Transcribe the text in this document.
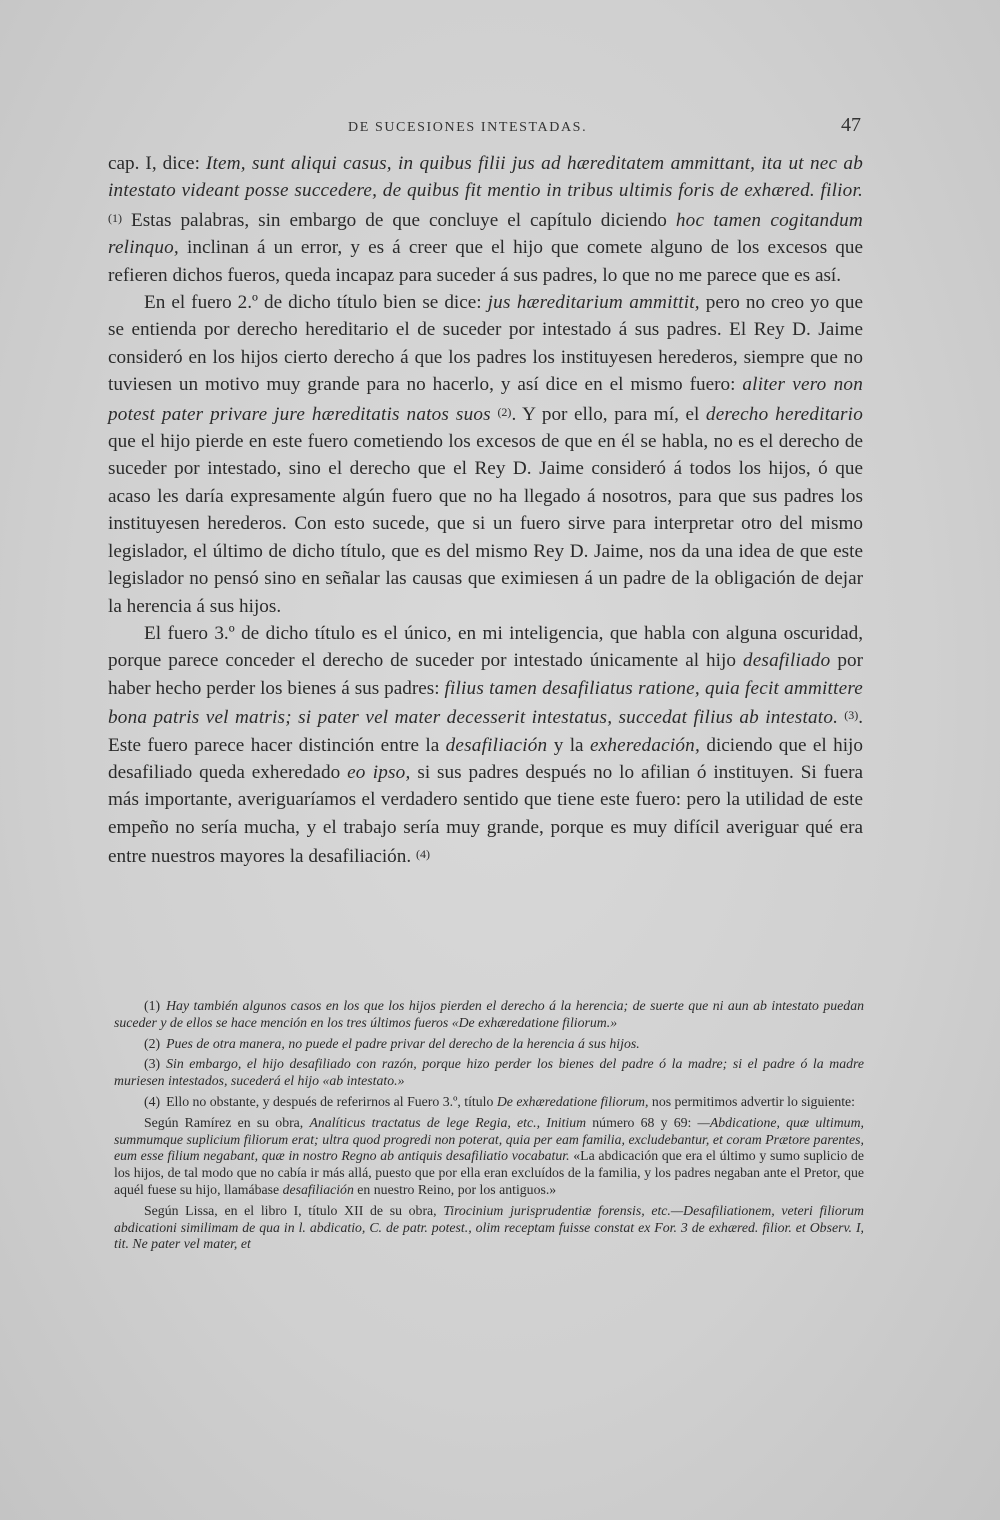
DE SUCESIONES INTESTADAS.	47

cap. I, dice: Item, sunt aliqui casus, in quibus filii jus ad hæreditatem ammittant, ita ut nec ab intestato videant posse succedere, de quibus fit mentio in tribus ultimis foris de exhæred. filior. $^{(1)}$ Estas palabras, sin embargo de que concluye el capítulo diciendo hoc tamen cogitandum relinquo, inclinan á un error, y es á creer que el hijo que comete alguno de los excesos que refieren dichos fueros, queda incapaz para suceder á sus padres, lo que no me parece que es así.

En el fuero 2.º de dicho título bien se dice: jus hæreditarium ammittit, pero no creo yo que se entienda por derecho hereditario el de suceder por intestado á sus padres. El Rey D. Jaime consideró en los hijos cierto derecho á que los padres los instituyesen herederos, siempre que no tuviesen un motivo muy grande para no hacerlo, y así dice en el mismo fuero: aliter vero non potest pater privare jure hæreditatis natos suos $^{(2)}$. Y por ello, para mí, el derecho hereditario que el hijo pierde en este fuero cometiendo los excesos de que en él se habla, no es el derecho de suceder por intestado, sino el derecho que el Rey D. Jaime consideró á todos los hijos, ó que acaso les daría expresamente algún fuero que no ha llegado á nosotros, para que sus padres los instituyesen herederos. Con esto sucede, que si un fuero sirve para interpretar otro del mismo legislador, el último de dicho título, que es del mismo Rey D. Jaime, nos da una idea de que este legislador no pensó sino en señalar las causas que eximiesen á un padre de la obligación de dejar la herencia á sus hijos.

El fuero 3.º de dicho título es el único, en mi inteligencia, que habla con alguna oscuridad, porque parece conceder el derecho de suceder por intestado únicamente al hijo desafiliado por haber hecho perder los bienes á sus padres: filius tamen desafiliatus ratione, quia fecit ammittere bona patris vel matris; si pater vel mater decesserit intestatus, succedat filius ab intestato. $^{(3)}$. Este fuero parece hacer distinción entre la desafiliación y la exheredación, diciendo que el hijo desafiliado queda exheredado eo ipso, si sus padres después no lo afilian ó instituyen. Si fuera más importante, averiguaríamos el verdadero sentido que tiene este fuero: pero la utilidad de este empeño no sería mucha, y el trabajo sería muy grande, porque es muy difícil averiguar qué era entre nuestros mayores la desafiliación. $^{(4)}$

(1) Hay también algunos casos en los que los hijos pierden el derecho á la herencia; de suerte que ni aun ab intestato puedan suceder y de ellos se hace mención en los tres últimos fueros «De exhæredatione filiorum.»

(2) Pues de otra manera, no puede el padre privar del derecho de la herencia á sus hijos.

(3) Sin embargo, el hijo desafiliado con razón, porque hizo perder los bienes del padre ó la madre; si el padre ó la madre muriesen intestados, sucederá el hijo «ab intestato.»

(4) Ello no obstante, y después de referirnos al Fuero 3.º, título De exhæredatione filiorum, nos permitimos advertir lo siguiente:

Según Ramírez en su obra, Analíticus tractatus de lege Regia, etc., Initium número 68 y 69: —Abdicatione, quæ ultimum, summumque suplicium filiorum erat; ultra quod progredi non poterat, quia per eam familia, excludebantur, et coram Prætore parentes, eum esse filium negabant, quæ in nostro Regno ab antiquis desafiliatio vocabatur. «La abdicación que era el último y sumo suplicio de los hijos, de tal modo que no cabía ir más allá, puesto que por ella eran excluídos de la familia, y los padres negaban ante el Pretor, que aquél fuese su hijo, llamábase desafiliación en nuestro Reino, por los antiguos.»

Según Lissa, en el libro I, título XII de su obra, Tirocinium jurisprudentiæ forensis, etc.—Desafiliationem, veteri filiorum abdicationi similimam de qua in l. abdicatio, C. de patr. potest., olim receptam fuisse constat ex For. 3 de exhæred. filior. et Observ. I, tit. Ne pater vel mater, et
